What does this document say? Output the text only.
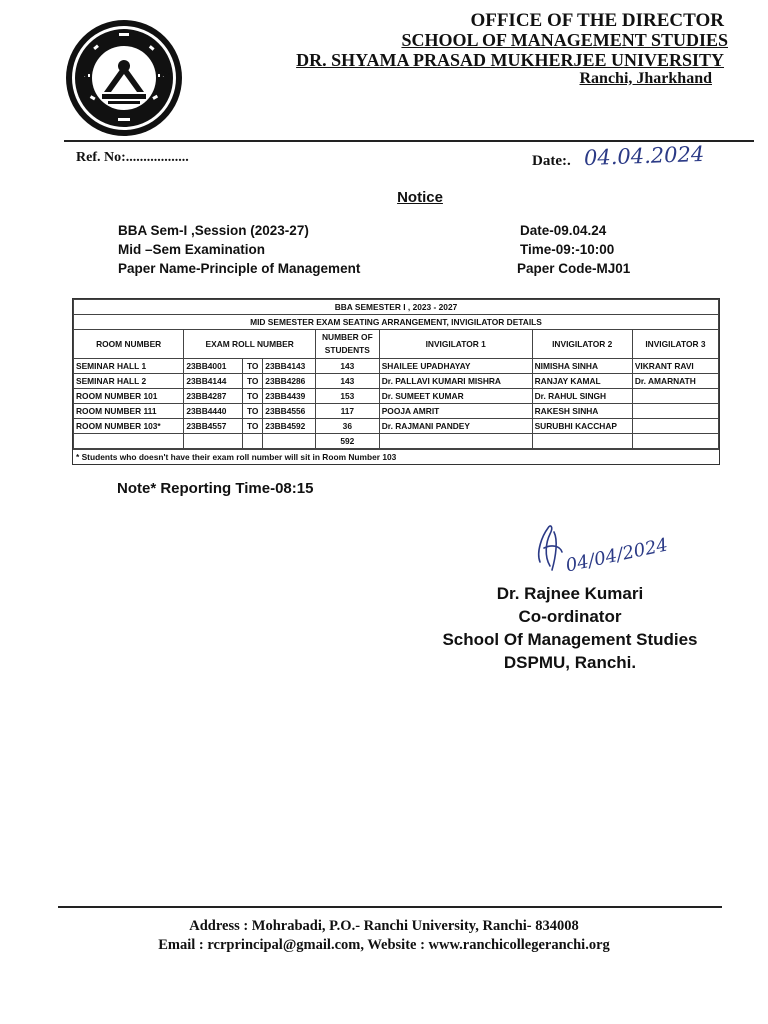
OFFICE OF THE DIRECTOR
SCHOOL OF MANAGEMENT STUDIES
DR. SHYAMA PRASAD MUKHERJEE UNIVERSITY
Ranchi, Jharkhand
Ref. No:..................	Date:. 04.04.2024
Notice
BBA Sem-I ,Session (2023-27)
Mid –Sem Examination
Paper Name-Principle of Management
Date-09.04.24
Time-09:-10:00
Paper Code-MJ01
BBA SEMESTER I , 2023 - 2027							
MID SEMESTER EXAM SEATING ARRANGEMENT, INVIGILATOR DETAILS							
ROOM NUMBER	EXAM ROLL NUMBER			NUMBER OF
STUDENTS	INVIGILATOR 1	INVIGILATOR 2	INVIGILATOR 3
SEMINAR HALL 1	23BB4001	TO	23BB4143	143	SHAILEE UPADHAYAY	NIMISHA SINHA	VIKRANT RAVI
SEMINAR HALL 2	23BB4144	TO	23BB4286	143	Dr. PALLAVI KUMARI MISHRA	RANJAY KAMAL	Dr. AMARNATH
ROOM NUMBER 101	23BB4287	TO	23BB4439	153	Dr. SUMEET KUMAR	Dr. RAHUL SINGH	
ROOM NUMBER 111	23BB4440	TO	23BB4556	117	POOJA AMRIT	RAKESH SINHA	
ROOM NUMBER 103*	23BB4557	TO	23BB4592	36	Dr. RAJMANI PANDEY	SURUBHI KACCHAP	
				592			
* Students who doesn't have their exam roll number will sit in Room Number 103
Note* Reporting Time-08:15
04/04/2024
Dr. Rajnee Kumari
Co-ordinator
School Of Management Studies
DSPMU, Ranchi.
Address : Mohrabadi, P.O.- Ranchi University, Ranchi- 834008
Email : rcrprincipal@gmail.com, Website : www.ranchicollegeranchi.org
